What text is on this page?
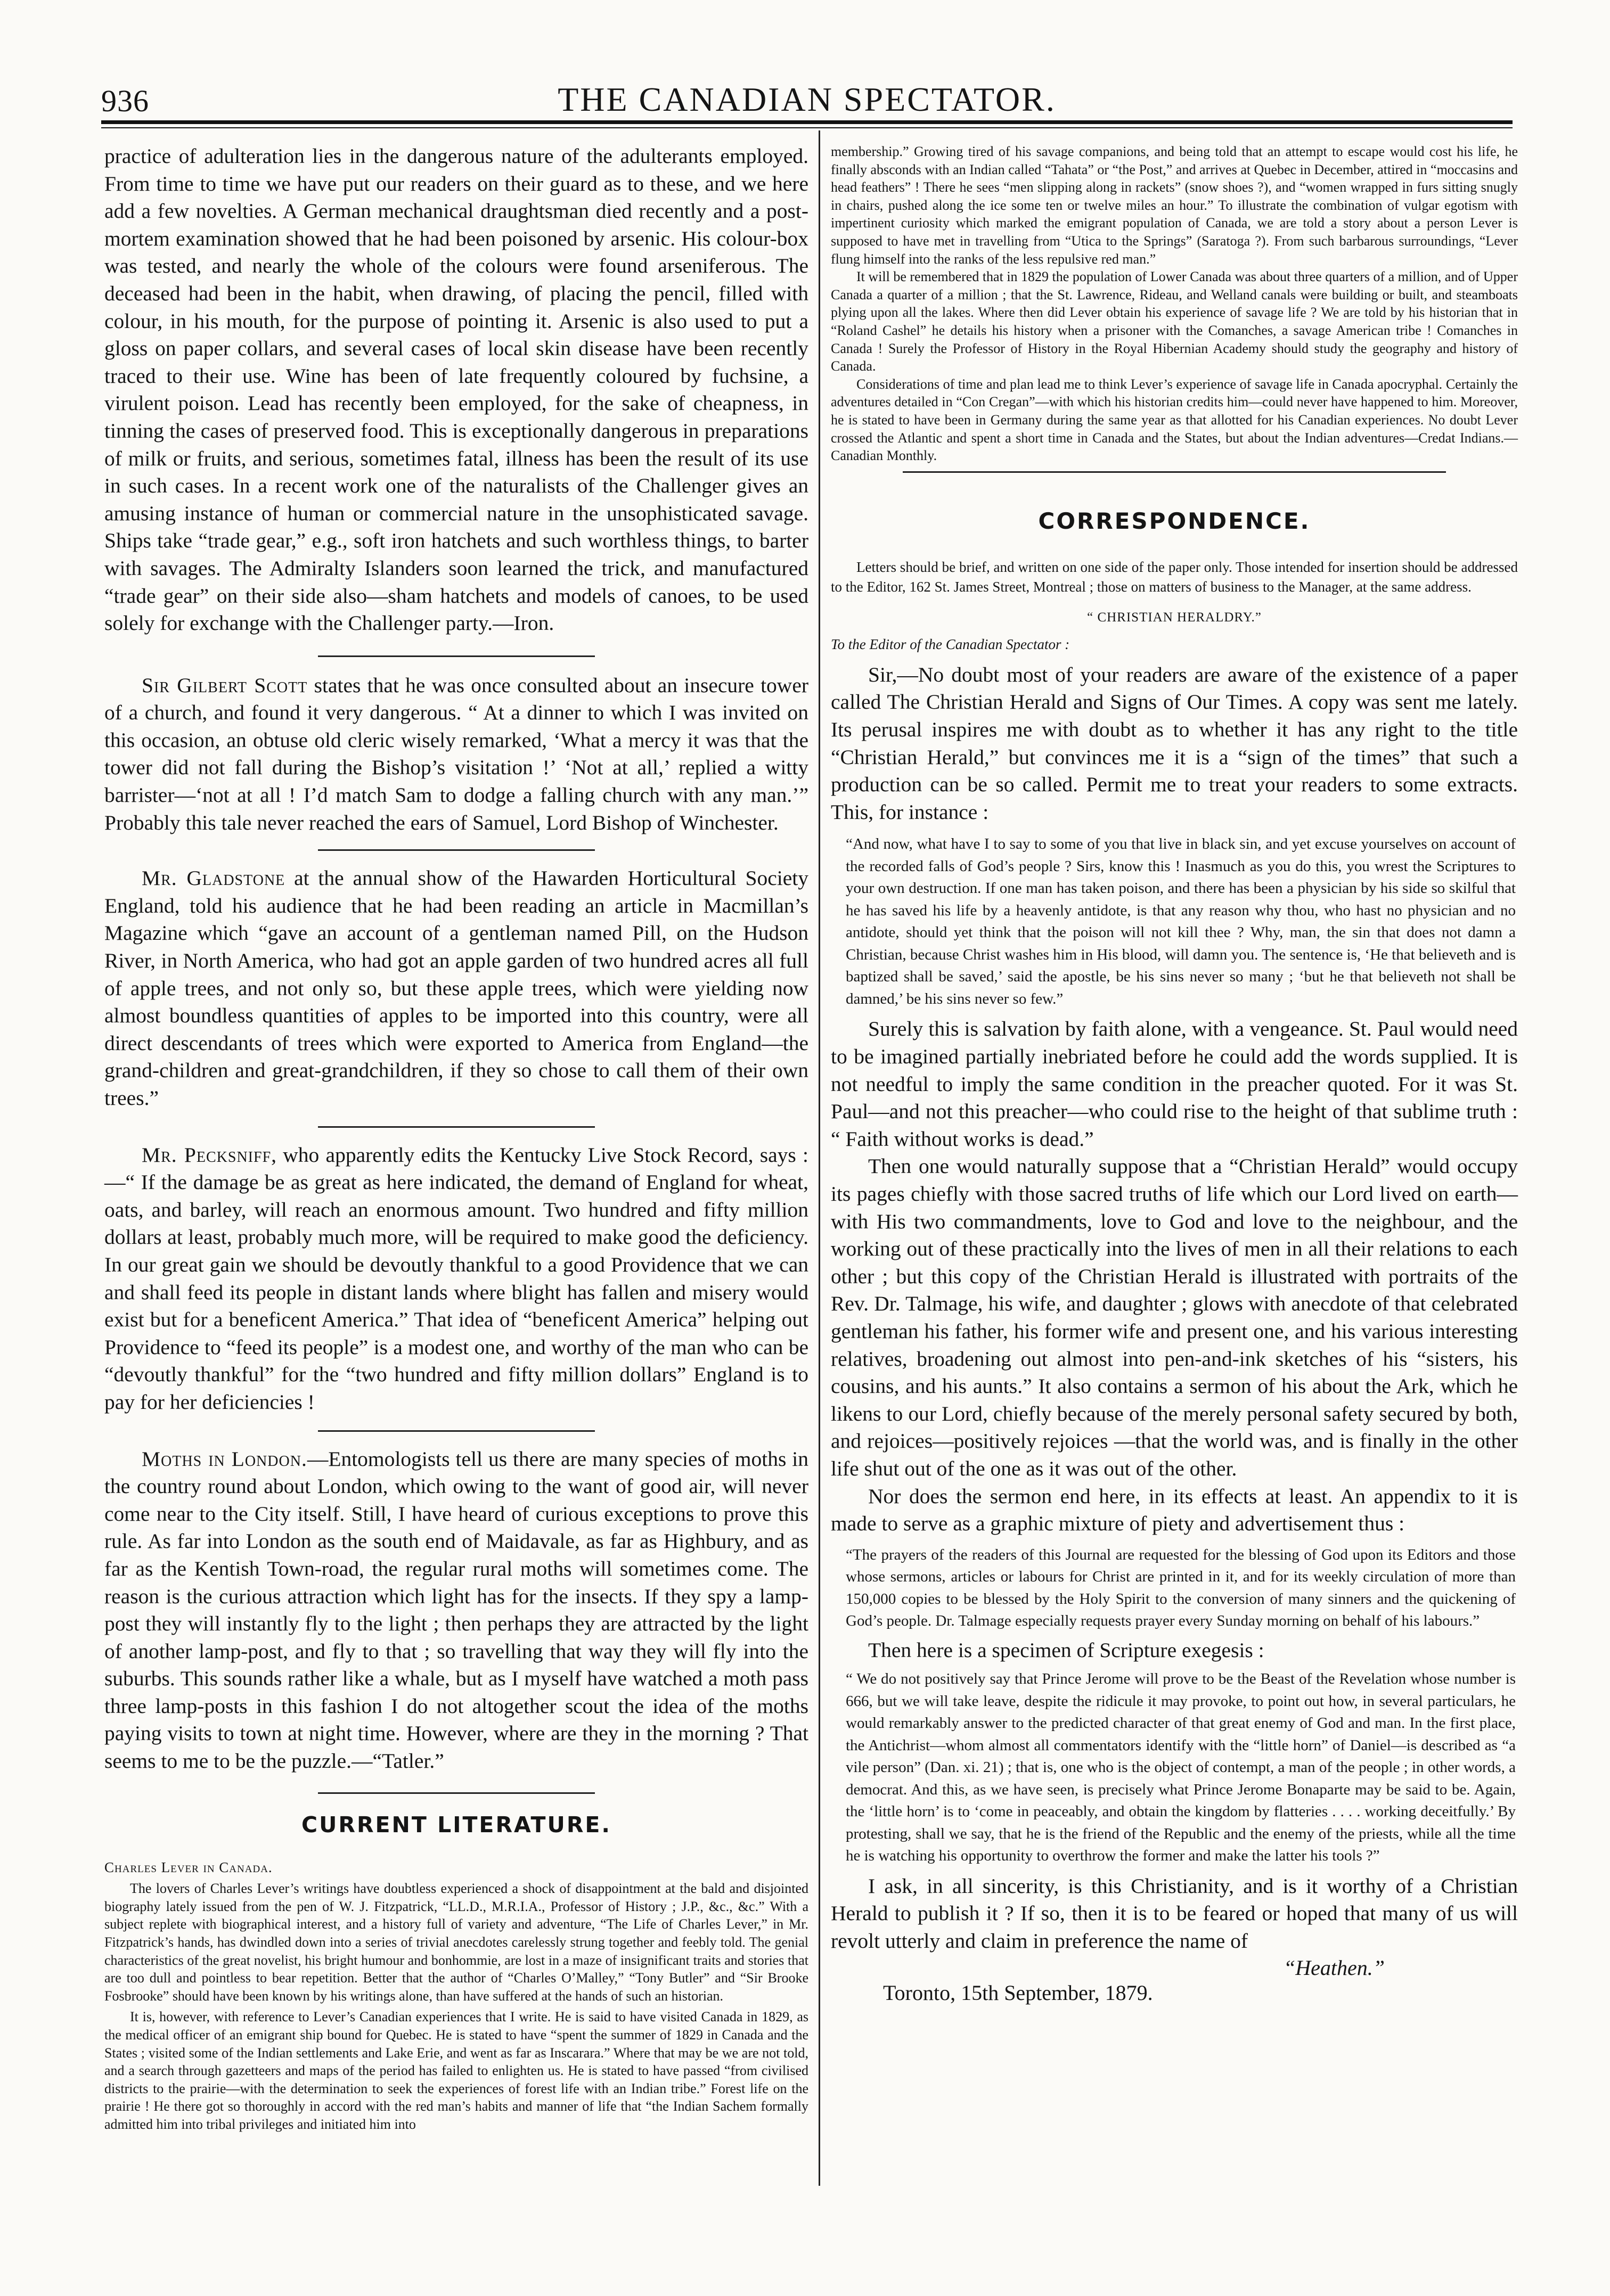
936	THE CANADIAN SPECTATOR.

practice of adulteration lies in the dangerous nature of the adulterants employed. From time to time we have put our readers on their guard as to these, and we here add a few novelties. A German mechanical draughtsman died recently and a post-mortem examination showed that he had been poisoned by arsenic. His colour-box was tested, and nearly the whole of the colours were found arseniferous. The deceased had been in the habit, when drawing, of placing the pencil, filled with colour, in his mouth, for the purpose of pointing it. Arsenic is also used to put a gloss on paper collars, and several cases of local skin disease have been recently traced to their use. Wine has been of late frequently coloured by fuchsine, a virulent poison. Lead has recently been employed, for the sake of cheapness, in tinning the cases of preserved food. This is exceptionally dangerous in preparations of milk or fruits, and serious, sometimes fatal, illness has been the result of its use in such cases. In a recent work one of the naturalists of the Challenger gives an amusing instance of human or commercial nature in the unsophisticated savage. Ships take “trade gear,” e.g., soft iron hatchets and such worthless things, to barter with savages. The Admiralty Islanders soon learned the trick, and manufactured “trade gear” on their side also—sham hatchets and models of canoes, to be used solely for exchange with the Challenger party.—Iron.

Sir Gilbert Scott states that he was once consulted about an insecure tower of a church, and found it very dangerous. “ At a dinner to which I was invited on this occasion, an obtuse old cleric wisely remarked, ‘What a mercy it was that the tower did not fall during the Bishop’s visitation !’ ‘Not at all,’ replied a witty barrister—‘not at all ! I’d match Sam to dodge a falling church with any man.’” Probably this tale never reached the ears of Samuel, Lord Bishop of Winchester.

Mr. Gladstone at the annual show of the Hawarden Horticultural Society England, told his audience that he had been reading an article in Macmillan’s Magazine which “gave an account of a gentleman named Pill, on the Hudson River, in North America, who had got an apple garden of two hundred acres all full of apple trees, and not only so, but these apple trees, which were yielding now almost boundless quantities of apples to be imported into this country, were all direct descendants of trees which were exported to America from England—the grand-children and great-grandchildren, if they so chose to call them of their own trees.”

Mr. Pecksniff, who apparently edits the Kentucky Live Stock Record, says :—“ If the damage be as great as here indicated, the demand of England for wheat, oats, and barley, will reach an enormous amount. Two hundred and fifty million dollars at least, probably much more, will be required to make good the deficiency. In our great gain we should be devoutly thankful to a good Providence that we can and shall feed its people in distant lands where blight has fallen and misery would exist but for a beneficent America.” That idea of “beneficent America” helping out Providence to “feed its people” is a modest one, and worthy of the man who can be “devoutly thankful” for the “two hundred and fifty million dollars” England is to pay for her deficiencies !

Moths in London.—Entomologists tell us there are many species of moths in the country round about London, which owing to the want of good air, will never come near to the City itself. Still, I have heard of curious exceptions to prove this rule. As far into London as the south end of Maidavale, as far as Highbury, and as far as the Kentish Town-road, the regular rural moths will sometimes come. The reason is the curious attraction which light has for the insects. If they spy a lamp-post they will instantly fly to the light ; then perhaps they are attracted by the light of another lamp-post, and fly to that ; so travelling that way they will fly into the suburbs. This sounds rather like a whale, but as I myself have watched a moth pass three lamp-posts in this fashion I do not altogether scout the idea of the moths paying visits to town at night time. However, where are they in the morning ? That seems to me to be the puzzle.—“Tatler.”

CURRENT LITERATURE.

Charles Lever in Canada.

The lovers of Charles Lever’s writings have doubtless experienced a shock of disappointment at the bald and disjointed biography lately issued from the pen of W. J. Fitzpatrick, “LL.D., M.R.I.A., Professor of History ; J.P., &c., &c.” With a subject replete with biographical interest, and a history full of variety and adventure, “The Life of Charles Lever,” in Mr. Fitzpatrick’s hands, has dwindled down into a series of trivial anecdotes carelessly strung together and feebly told. The genial characteristics of the great novelist, his bright humour and bonhommie, are lost in a maze of insignificant traits and stories that are too dull and pointless to bear repetition. Better that the author of “Charles O’Malley,” “Tony Butler” and “Sir Brooke Fosbrooke” should have been known by his writings alone, than have suffered at the hands of such an historian.

It is, however, with reference to Lever’s Canadian experiences that I write. He is said to have visited Canada in 1829, as the medical officer of an emigrant ship bound for Quebec. He is stated to have “spent the summer of 1829 in Canada and the States ; visited some of the Indian settlements and Lake Erie, and went as far as Inscarara.” Where that may be we are not told, and a search through gazetteers and maps of the period has failed to enlighten us. He is stated to have passed “from civilised districts to the prairie—with the determination to seek the experiences of forest life with an Indian tribe.” Forest life on the prairie ! He there got so thoroughly in accord with the red man’s habits and manner of life that “the Indian Sachem formally admitted him into tribal privileges and initiated him into

membership.” Growing tired of his savage companions, and being told that an attempt to escape would cost his life, he finally absconds with an Indian called “Tahata” or “the Post,” and arrives at Quebec in December, attired in “moccasins and head feathers” ! There he sees “men slipping along in rackets” (snow shoes ?), and “women wrapped in furs sitting snugly in chairs, pushed along the ice some ten or twelve miles an hour.” To illustrate the combination of vulgar egotism with impertinent curiosity which marked the emigrant population of Canada, we are told a story about a person Lever is supposed to have met in travelling from “Utica to the Springs” (Saratoga ?). From such barbarous surroundings, “Lever flung himself into the ranks of the less repulsive red man.”

It will be remembered that in 1829 the population of Lower Canada was about three quarters of a million, and of Upper Canada a quarter of a million ; that the St. Lawrence, Rideau, and Welland canals were building or built, and steamboats plying upon all the lakes. Where then did Lever obtain his experience of savage life ? We are told by his historian that in “Roland Cashel” he details his history when a prisoner with the Comanches, a savage American tribe ! Comanches in Canada ! Surely the Professor of History in the Royal Hibernian Academy should study the geography and history of Canada.

Considerations of time and plan lead me to think Lever’s experience of savage life in Canada apocryphal. Certainly the adventures detailed in “Con Cregan”—with which his historian credits him—could never have happened to him. Moreover, he is stated to have been in Germany during the same year as that allotted for his Canadian experiences. No doubt Lever crossed the Atlantic and spent a short time in Canada and the States, but about the Indian adventures—Credat Indians.—Canadian Monthly.

CORRESPONDENCE.

Letters should be brief, and written on one side of the paper only. Those intended for insertion should be addressed to the Editor, 162 St. James Street, Montreal ; those on matters of business to the Manager, at the same address.

“ CHRISTIAN HERALDRY.”

To the Editor of the Canadian Spectator :

Sir,—No doubt most of your readers are aware of the existence of a paper called The Christian Herald and Signs of Our Times. A copy was sent me lately. Its perusal inspires me with doubt as to whether it has any right to the title “Christian Herald,” but convinces me it is a “sign of the times” that such a production can be so called. Permit me to treat your readers to some extracts. This, for instance :

“And now, what have I to say to some of you that live in black sin, and yet excuse yourselves on account of the recorded falls of God’s people ? Sirs, know this ! Inasmuch as you do this, you wrest the Scriptures to your own destruction. If one man has taken poison, and there has been a physician by his side so skilful that he has saved his life by a heavenly antidote, is that any reason why thou, who hast no physician and no antidote, should yet think that the poison will not kill thee ? Why, man, the sin that does not damn a Christian, because Christ washes him in His blood, will damn you. The sentence is, ‘He that believeth and is baptized shall be saved,’ said the apostle, be his sins never so many ; ‘but he that believeth not shall be damned,’ be his sins never so few.”

Surely this is salvation by faith alone, with a vengeance. St. Paul would need to be imagined partially inebriated before he could add the words supplied. It is not needful to imply the same condition in the preacher quoted. For it was St. Paul—and not this preacher—who could rise to the height of that sublime truth : “ Faith without works is dead.”

Then one would naturally suppose that a “Christian Herald” would occupy its pages chiefly with those sacred truths of life which our Lord lived on earth—with His two commandments, love to God and love to the neighbour, and the working out of these practically into the lives of men in all their relations to each other ; but this copy of the Christian Herald is illustrated with portraits of the Rev. Dr. Talmage, his wife, and daughter ; glows with anecdote of that celebrated gentleman his father, his former wife and present one, and his various interesting relatives, broadening out almost into pen-and-ink sketches of his “sisters, his cousins, and his aunts.” It also contains a sermon of his about the Ark, which he likens to our Lord, chiefly because of the merely personal safety secured by both, and rejoices—positively rejoices —that the world was, and is finally in the other life shut out of the one as it was out of the other.

Nor does the sermon end here, in its effects at least. An appendix to it is made to serve as a graphic mixture of piety and advertisement thus :

“The prayers of the readers of this Journal are requested for the blessing of God upon its Editors and those whose sermons, articles or labours for Christ are printed in it, and for its weekly circulation of more than 150,000 copies to be blessed by the Holy Spirit to the conversion of many sinners and the quickening of God’s people. Dr. Talmage especially requests prayer every Sunday morning on behalf of his labours.”

Then here is a specimen of Scripture exegesis :

“ We do not positively say that Prince Jerome will prove to be the Beast of the Revelation whose number is 666, but we will take leave, despite the ridicule it may provoke, to point out how, in several particulars, he would remarkably answer to the predicted character of that great enemy of God and man. In the first place, the Antichrist—whom almost all commentators identify with the “little horn” of Daniel—is described as “a vile person” (Dan. xi. 21) ; that is, one who is the object of contempt, a man of the people ; in other words, a democrat. And this, as we have seen, is precisely what Prince Jerome Bonaparte may be said to be. Again, the ‘little horn’ is to ‘come in peaceably, and obtain the kingdom by flatteries . . . . working deceitfully.’ By protesting, shall we say, that he is the friend of the Republic and the enemy of the priests, while all the time he is watching his opportunity to overthrow the former and make the latter his tools ?”

I ask, in all sincerity, is this Christianity, and is it worthy of a Christian Herald to publish it ? If so, then it is to be feared or hoped that many of us will revolt utterly and claim in preference the name of

“Heathen.”

Toronto, 15th September, 1879.
